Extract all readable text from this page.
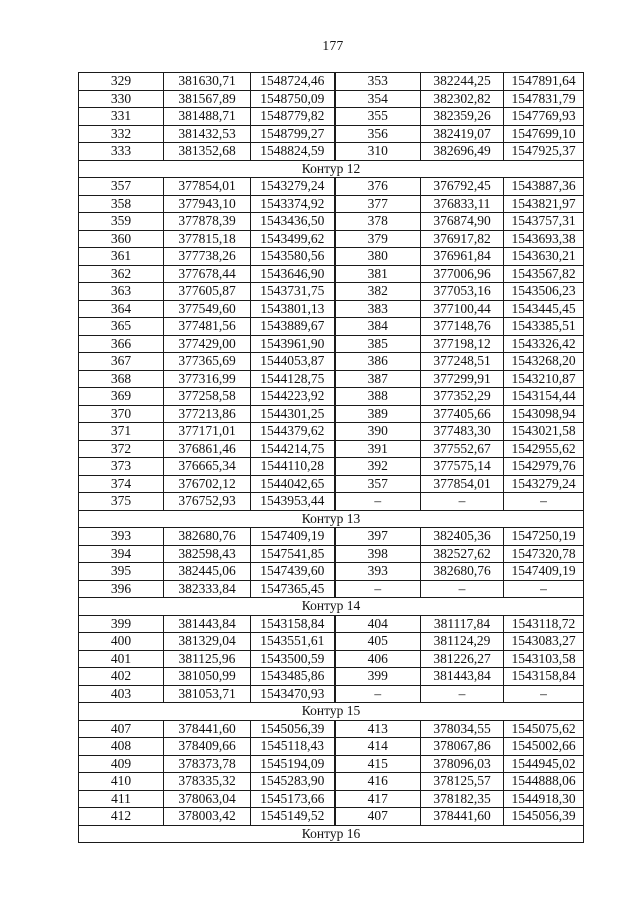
177
329	381630,71	1548724,46	353	382244,25	1547891,64
330	381567,89	1548750,09	354	382302,82	1547831,79
331	381488,71	1548779,82	355	382359,26	1547769,93
332	381432,53	1548799,27	356	382419,07	1547699,10
333	381352,68	1548824,59	310	382696,49	1547925,37
Контур 12					
357	377854,01	1543279,24	376	376792,45	1543887,36
358	377943,10	1543374,92	377	376833,11	1543821,97
359	377878,39	1543436,50	378	376874,90	1543757,31
360	377815,18	1543499,62	379	376917,82	1543693,38
361	377738,26	1543580,56	380	376961,84	1543630,21
362	377678,44	1543646,90	381	377006,96	1543567,82
363	377605,87	1543731,75	382	377053,16	1543506,23
364	377549,60	1543801,13	383	377100,44	1543445,45
365	377481,56	1543889,67	384	377148,76	1543385,51
366	377429,00	1543961,90	385	377198,12	1543326,42
367	377365,69	1544053,87	386	377248,51	1543268,20
368	377316,99	1544128,75	387	377299,91	1543210,87
369	377258,58	1544223,92	388	377352,29	1543154,44
370	377213,86	1544301,25	389	377405,66	1543098,94
371	377171,01	1544379,62	390	377483,30	1543021,58
372	376861,46	1544214,75	391	377552,67	1542955,62
373	376665,34	1544110,28	392	377575,14	1542979,76
374	376702,12	1544042,65	357	377854,01	1543279,24
375	376752,93	1543953,44	–	–	–
Контур 13					
393	382680,76	1547409,19	397	382405,36	1547250,19
394	382598,43	1547541,85	398	382527,62	1547320,78
395	382445,06	1547439,60	393	382680,76	1547409,19
396	382333,84	1547365,45	–	–	–
Контур 14					
399	381443,84	1543158,84	404	381117,84	1543118,72
400	381329,04	1543551,61	405	381124,29	1543083,27
401	381125,96	1543500,59	406	381226,27	1543103,58
402	381050,99	1543485,86	399	381443,84	1543158,84
403	381053,71	1543470,93	–	–	–
Контур 15					
407	378441,60	1545056,39	413	378034,55	1545075,62
408	378409,66	1545118,43	414	378067,86	1545002,66
409	378373,78	1545194,09	415	378096,03	1544945,02
410	378335,32	1545283,90	416	378125,57	1544888,06
411	378063,04	1545173,66	417	378182,35	1544918,30
412	378003,42	1545149,52	407	378441,60	1545056,39
Контур 16					
